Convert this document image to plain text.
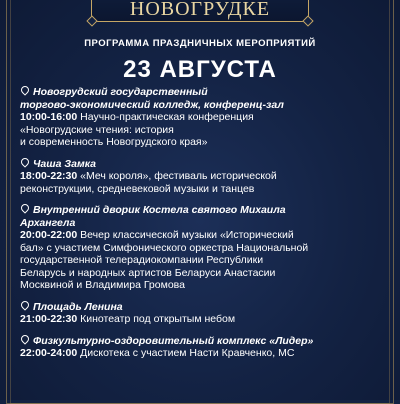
НОВОГРУДКЕ
ПРОГРАММА ПРАЗДНИЧНЫХ МЕРОПРИЯТИЙ
23 АВГУСТА
Новогрудский государственный
торгово-экономический колледж, конференц-зал
10:00-16:00 Научно-практическая конференция
«Новогрудские чтения: история
и современность Новогрудского края»
Чаша Замка
18:00-22:30 «Меч короля», фестиваль исторической
реконструкции, средневековой музыки и танцев
Внутренний дворик Костела святого Михаила
Архангела
20:00-22:00 Вечер классической музыки «Исторический
бал» с участием Симфонического оркестра Национальной
государственной телерадиокомпании Республики
Беларусь и народных артистов Беларуси Анастасии
Москвиной и Владимира Громова
Площадь Ленина
21:00-22:30 Кинотеатр под открытым небом
Физкультурно-оздоровительный комплекс «Лидер»
22:00-24:00 Дискотека с участием Насти Кравченко, МС
